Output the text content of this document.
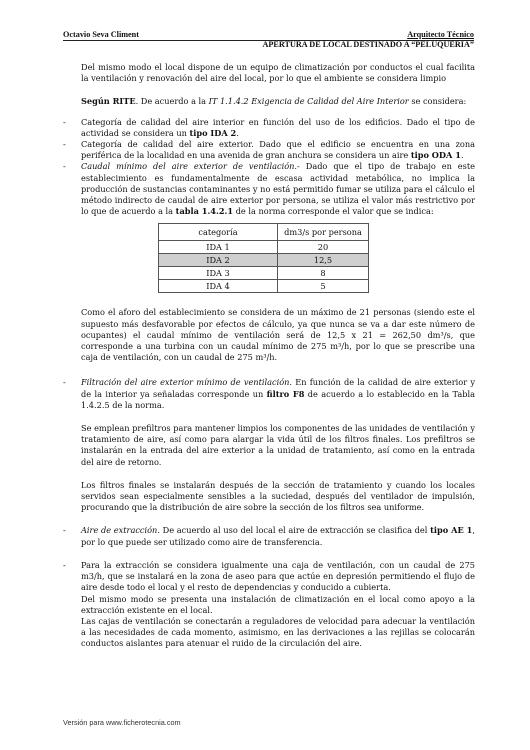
Octavio Seva Climent	Arquitecto Técnico
APERTURA DE LOCAL DESTINADO A “PELUQUERIA”

Del mismo modo el local dispone de un equipo de climatización por conductos el cual facilita la ventilación y renovación del aire del local, por lo que el ambiente se considera limpio

Según RITE. De acuerdo a la IT 1.1.4.2 Exigencia de Calidad del Aire Interior se considera:

- Categoría de calidad del aire interior en función del uso de los edificios. Dado el tipo de actividad se considera un tipo IDA 2.
- Categoría de calidad del aire exterior. Dado que el edificio se encuentra en una zona periférica de la localidad en una avenida de gran anchura se considera un aire tipo ODA 1.
- Caudal mínimo del aire exterior de ventilación.- Dado que el tipo de trabajo en este establecimiento es fundamentalmente de escasa actividad metabólica, no implica la producción de sustancias contaminantes y no está permitido fumar se utiliza para el cálculo el método indirecto de caudal de aire exterior por persona, se utiliza el valor más restrictivo por lo que de acuerdo a la tabla 1.4.2.1 de la norma corresponde el valor que se indica:
categoría	dm3/s por persona
IDA 1	20
IDA 2	12,5
IDA 3	8
IDA 4	5

Como el aforo del establecimiento se considera de un máximo de 21 personas (siendo este el supuesto más desfavorable por efectos de cálculo, ya que nunca se va a dar este número de ocupantes) el caudal mínimo de ventilación será de 12,5 x 21 = 262,50 dm³/s, que corresponde a una turbina con un caudal mínimo de 275 m³/h, por lo que se prescribe una caja de ventilación, con un caudal de 275 m³/h.

- Filtración del aire exterior mínimo de ventilación. En función de la calidad de aire exterior y de la interior ya señaladas corresponde un filtro F8 de acuerdo a lo establecido en la Tabla 1.4.2.5 de la norma.

Se emplean prefiltros para mantener limpios los componentes de las unidades de ventilación y tratamiento de aire, así como para alargar la vida útil de los filtros finales. Los prefiltros se instalarán en la entrada del aire exterior a la unidad de tratamiento, así como en la entrada del aire de retorno.

Los filtros finales se instalarán después de la sección de tratamiento y cuando los locales servidos sean especialmente sensibles a la suciedad, después del ventilador de impulsión, procurando que la distribución de aire sobre la sección de los filtros sea uniforme.

- Aire de extracción. De acuerdo al uso del local el aire de extracción se clasifica del tipo AE 1, por lo que puede ser utilizado como aire de transferencia.
- Para la extracción se considera igualmente una caja de ventilación, con un caudal de 275 m3/h, que se instalará en la zona de aseo para que actúe en depresión permitiendo el flujo de aire desde todo el local y el resto de dependencias y conducido a cubierta.

Del mismo modo se presenta una instalación de climatización en el local como apoyo a la extracción existente en el local.

Las cajas de ventilación se conectarán a reguladores de velocidad para adecuar la ventilación a las necesidades de cada momento, asimismo, en las derivaciones a las rejillas se colocarán conductos aislantes para atenuar el ruido de la circulación del aire.

Versión para www.ficherotecnia.com
